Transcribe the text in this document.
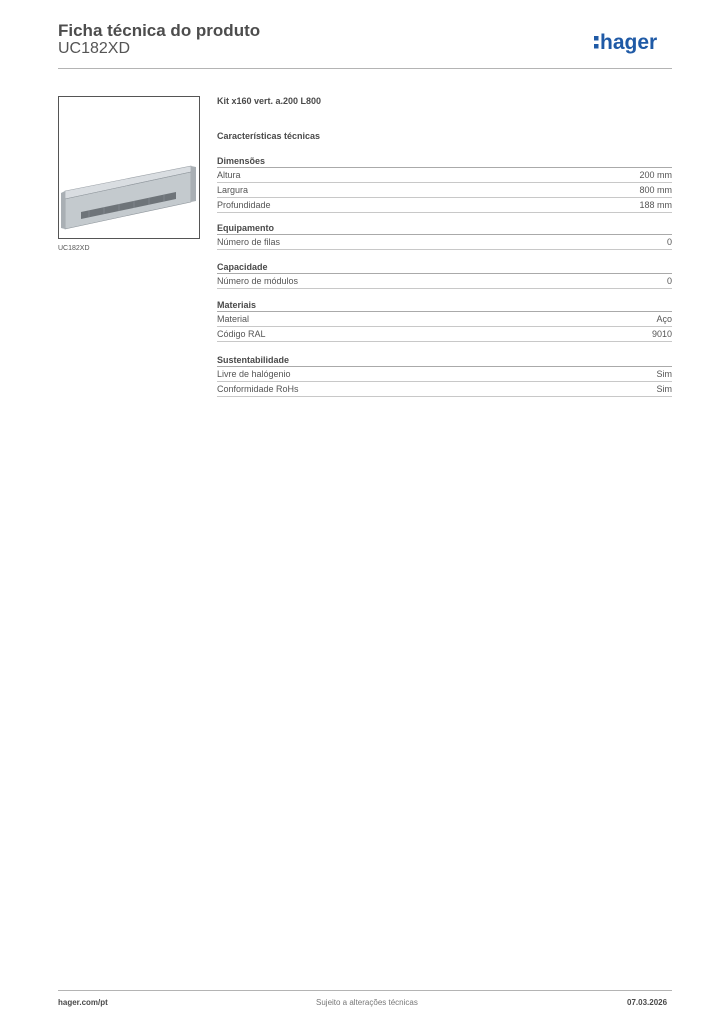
Ficha técnica do produto
UC182XD	hager
UC182XD
Kit x160 vert. a.200 L800
Características técnicas
Dimensões
Altura	200 mm
Largura	800 mm
Profundidade	188 mm
Equipamento
Número de filas	0
Capacidade
Número de módulos	0
Materiais
Material	Aço
Código RAL	9010
Sustentabilidade
Livre de halógenio	Sim
Conformidade RoHs	Sim
hager.com/pt	Sujeito a alterações técnicas	07.03.2026
